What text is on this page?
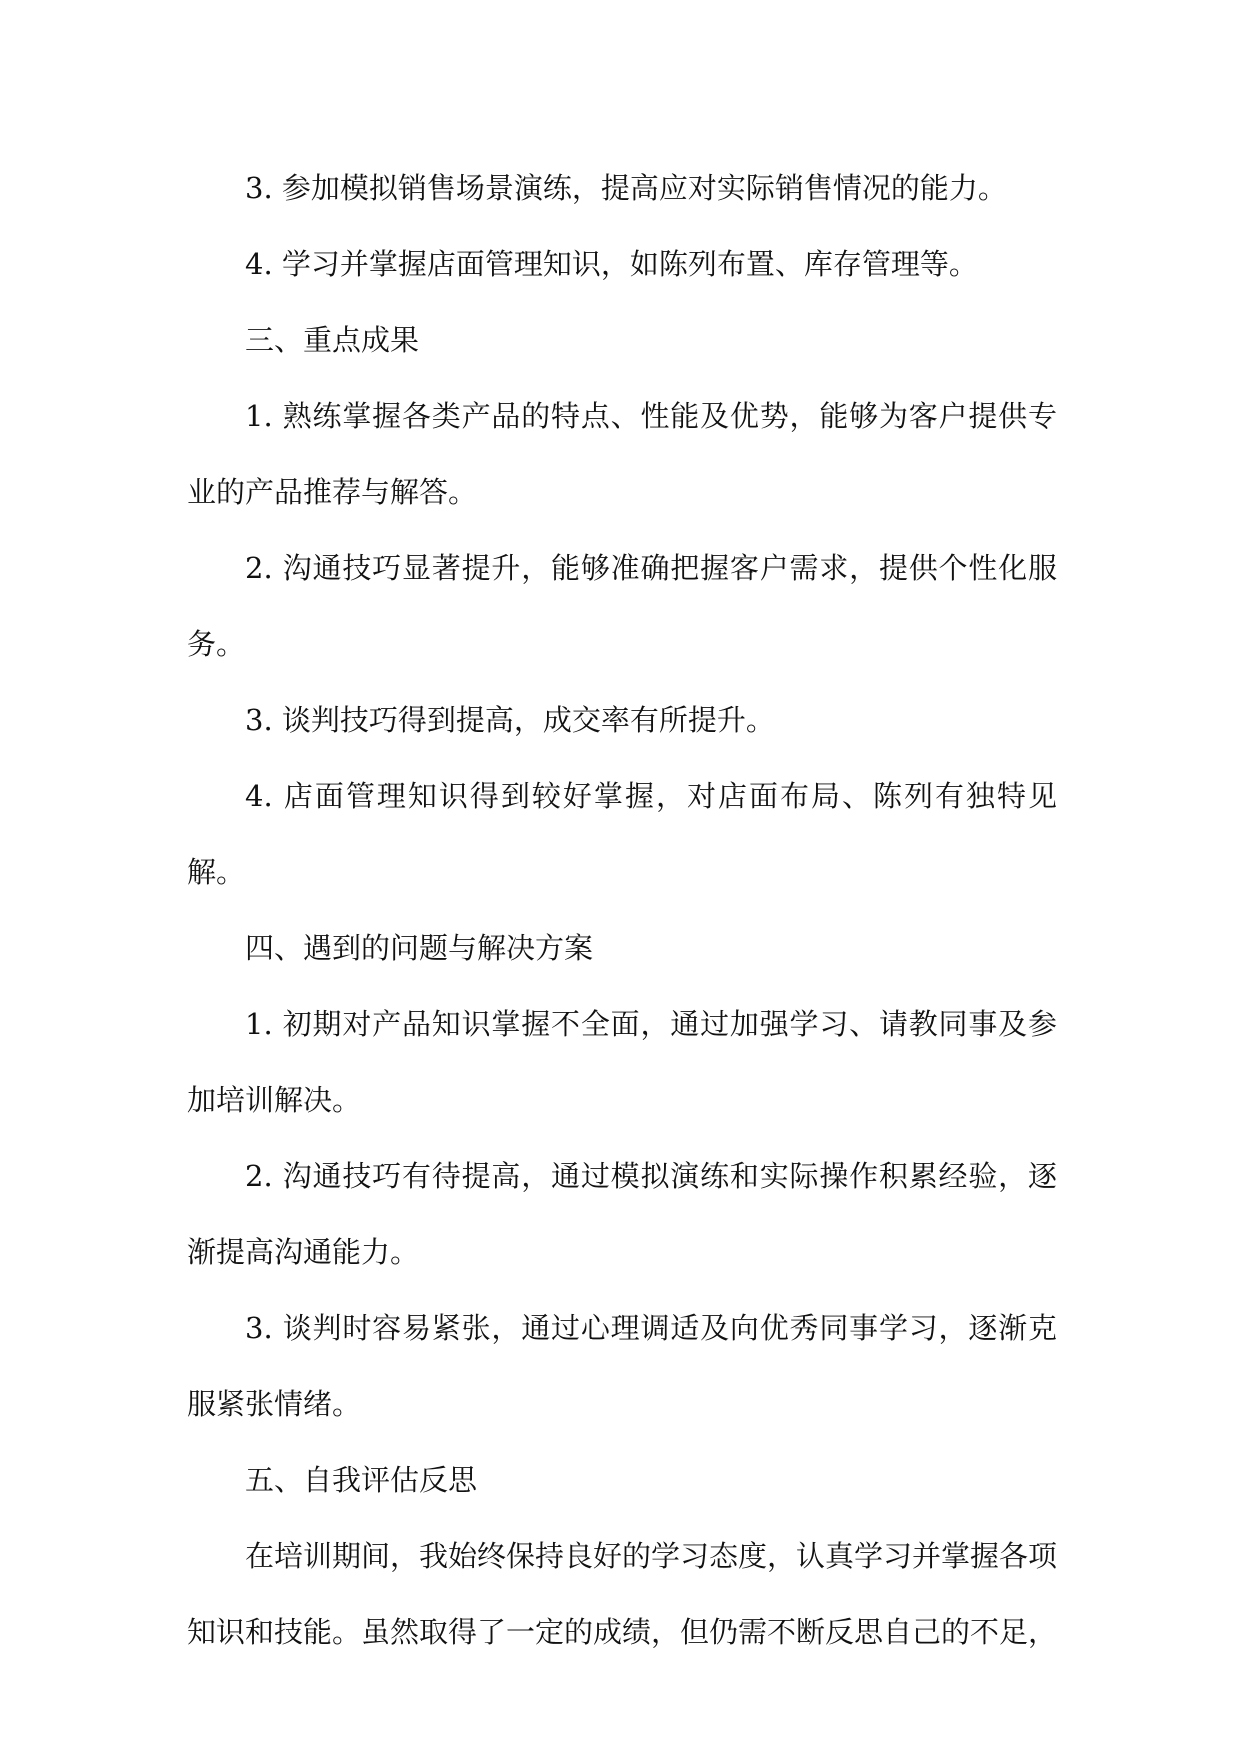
3. 参加模拟销售场景演练，提高应对实际销售情况的能力。

4. 学习并掌握店面管理知识，如陈列布置、库存管理等。

三、重点成果

1. 熟练掌握各类产品的特点、性能及优势，能够为客户提供专业的产品推荐与解答。

2. 沟通技巧显著提升，能够准确把握客户需求，提供个性化服务。

3. 谈判技巧得到提高，成交率有所提升。

4. 店面管理知识得到较好掌握，对店面布局、陈列有独特见解。

四、遇到的问题与解决方案

1. 初期对产品知识掌握不全面，通过加强学习、请教同事及参加培训解决。

2. 沟通技巧有待提高，通过模拟演练和实际操作积累经验，逐渐提高沟通能力。

3. 谈判时容易紧张，通过心理调适及向优秀同事学习，逐渐克服紧张情绪。

五、自我评估反思

在培训期间，我始终保持良好的学习态度，认真学习并掌握各项知识和技能。虽然取得了一定的成绩，但仍需不断反思自己的不足，
